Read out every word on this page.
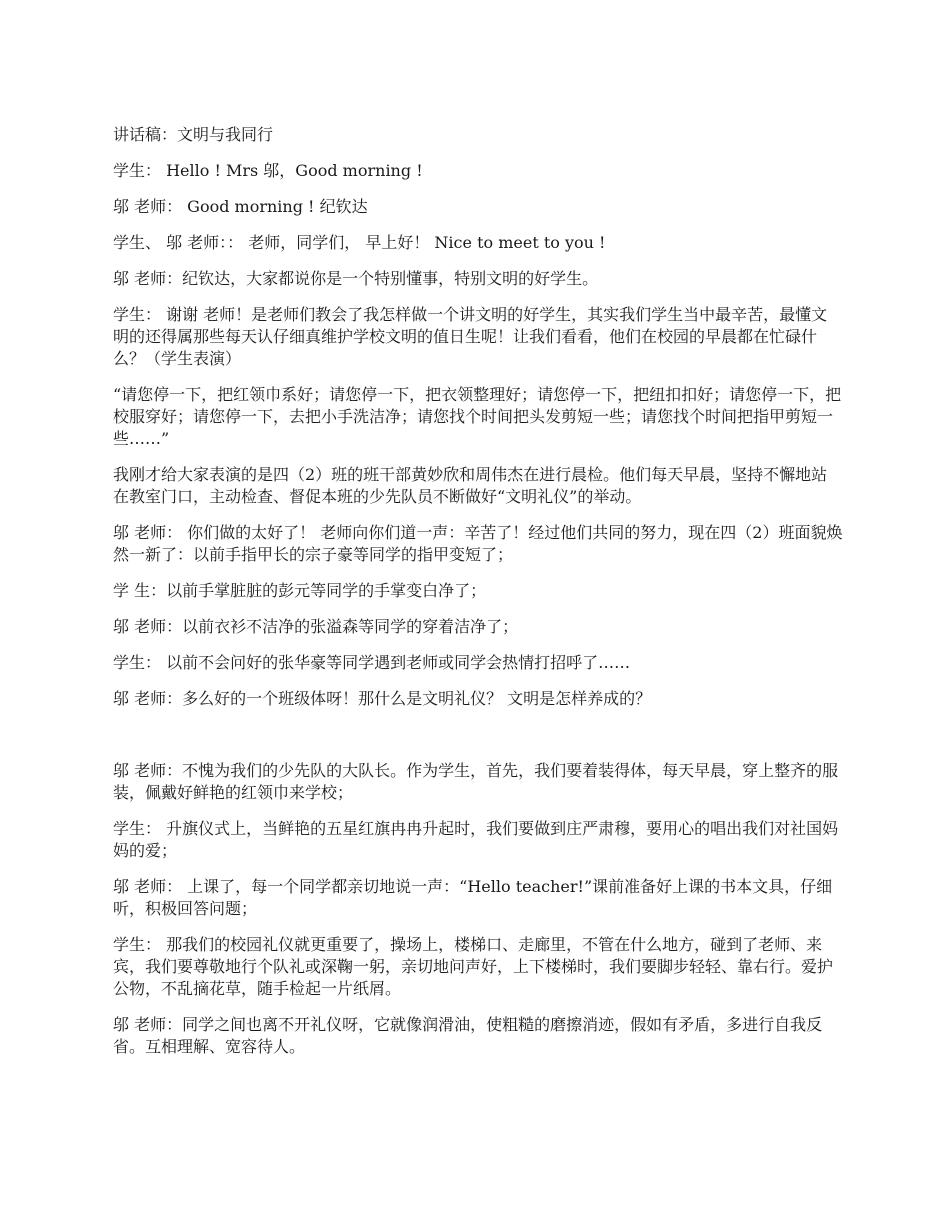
讲话稿：文明与我同行

学生： Hello ! Mrs 邬，Good morning !

邬 老师： Good morning ! 纪钦达

学生、 邬 老师：： 老师，同学们， 早上好！ Nice to meet to you !

邬 老师：纪钦达，大家都说你是一个特别懂事，特别文明的好学生。

学生： 谢谢 老师！是老师们教会了我怎样做一个讲文明的好学生，其实我们学生当中最辛苦，最懂文明的还得属那些每天认仔细真维护学校文明的值日生呢！让我们看看，他们在校园的早晨都在忙碌什么？（学生表演）

“请您停一下，把红领巾系好；请您停一下，把衣领整理好；请您停一下，把纽扣扣好；请您停一下，把校服穿好；请您停一下，去把小手洗洁净；请您找个时间把头发剪短一些；请您找个时间把指甲剪短一些……”

我刚才给大家表演的是四（2）班的班干部黄妙欣和周伟杰在进行晨检。他们每天早晨，坚持不懈地站在教室门口，主动检查、督促本班的少先队员不断做好“文明礼仪”的举动。

邬 老师： 你们做的太好了！ 老师向你们道一声：辛苦了！经过他们共同的努力，现在四（2）班面貌焕然一新了：以前手指甲长的宗子豪等同学的指甲变短了；

学 生：以前手掌脏脏的彭元等同学的手掌变白净了；

邬 老师：以前衣衫不洁净的张溢森等同学的穿着洁净了；

学生： 以前不会问好的张华豪等同学遇到老师或同学会热情打招呼了……

邬 老师：多么好的一个班级体呀！那什么是文明礼仪？ 文明是怎样养成的？

邬 老师：不愧为我们的少先队的大队长。作为学生，首先，我们要着装得体，每天早晨，穿上整齐的服装，佩戴好鲜艳的红领巾来学校；

学生： 升旗仪式上，当鲜艳的五星红旗冉冉升起时，我们要做到庄严肃穆，要用心的唱出我们对社国妈妈的爱；

邬 老师： 上课了，每一个同学都亲切地说一声：“Hello teacher!”课前准备好上课的书本文具，仔细听，积极回答问题；

学生： 那我们的校园礼仪就更重要了，操场上，楼梯口、走廊里，不管在什么地方，碰到了老师、来宾，我们要尊敬地行个队礼或深鞠一躬，亲切地问声好，上下楼梯时，我们要脚步轻轻、靠右行。爱护公物，不乱摘花草，随手检起一片纸屑。

邬 老师：同学之间也离不开礼仪呀，它就像润滑油，使粗糙的磨擦消迹，假如有矛盾，多进行自我反省。互相理解、宽容待人。
